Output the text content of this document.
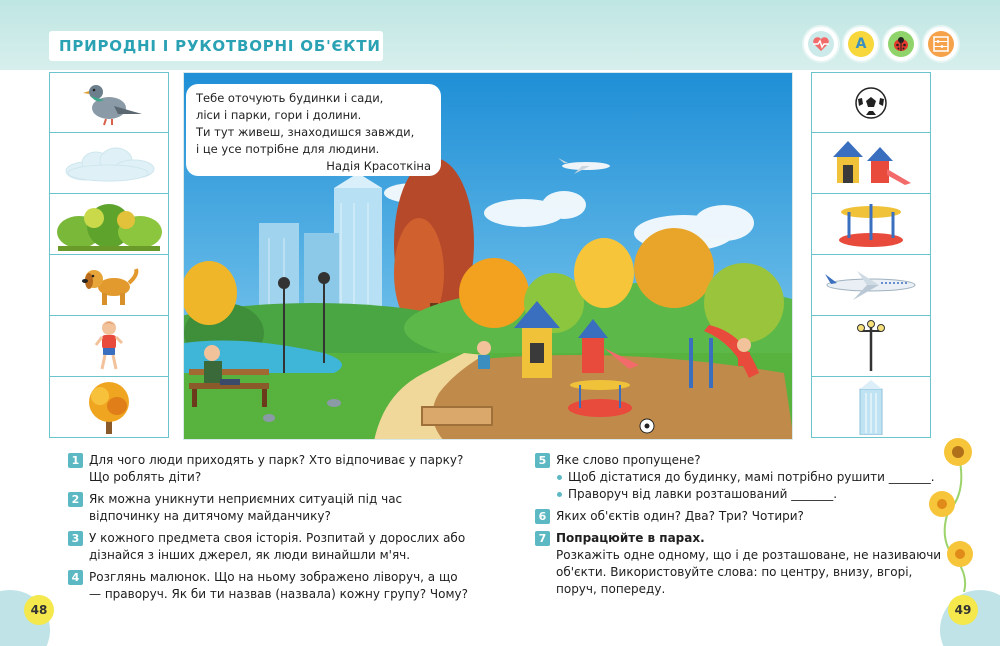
ПРИРОДНІ І РУКОТВОРНІ ОБ'ЄКТИ	A
Тебе оточують будинки і сади,
ліси і парки, гори і долини.
Ти тут живеш, знаходишся завжди,
і це усе потрібне для людини.
Надія Красоткіна
1 Для чого люди приходять у парк? Хто відпочиває у парку? Що роблять діти?
2 Як можна уникнути неприємних ситуацій під час відпочинку на дитячому майданчику?
3 У кожного предмета своя історія. Розпитай у дорослих або дізнайся з інших джерел, як люди винайшли м'яч.
4 Розглянь малюнок. Що на ньому зображено ліворуч, а що — праворуч. Як би ти назвав (назвала) кожну групу? Чому?
5 Яке слово пропущене?
Щоб дістатися до будинку, мамі потрібно рушити _______.
Праворуч від лавки розташований _______.
6 Яких об'єктів один? Два? Три? Чотири?
7 Попрацюйте в парах.
Розкажіть одне одному, що і де розташоване, не називаючи об'єкти. Використовуйте слова: по центру, внизу, вгорі, поруч, попереду.
48	49
